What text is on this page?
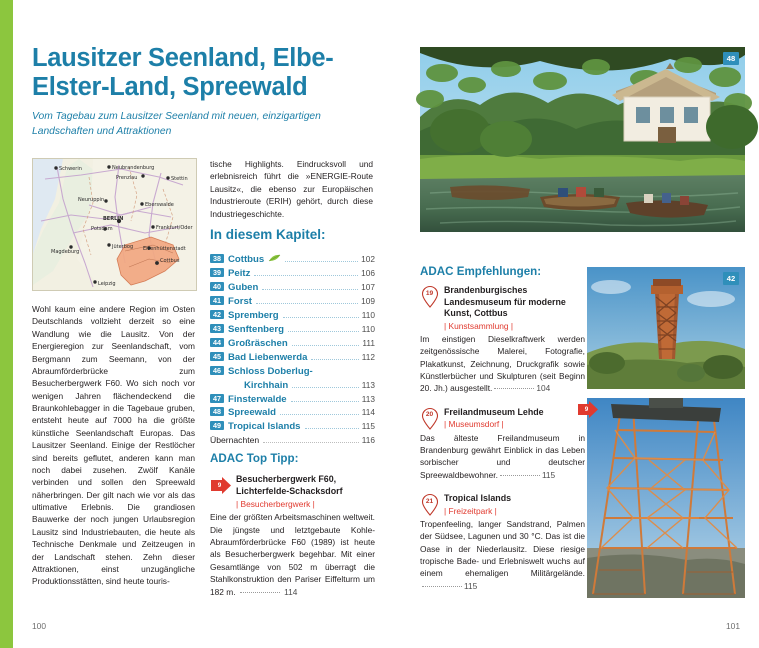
Lausitzer Seenland, Elbe-
Elster-Land, Spreewald
Vom Tagebau zum Lausitzer Seenland mit neuen, einzigartigen Landschaften und Attraktionen
Schwerin	Neubrandenburg
Prenzlau	Stettin
Neuruppin
Eberswalde
BERLIN
Potsdam	Frankfurt/Oder
Magdeburg
Jüterbog Eisenhüttenstadt
Cottbus
Leipzig
Wohl kaum eine andere Region im Osten Deutschlands vollzieht derzeit so eine Wandlung wie die Lausitz. Von der Energieregion zur Seenlandschaft, vom Bergmann zum Seemann, von der Abraumförderbrücke zum Besucherbergwerk F60. Wo sich noch vor wenigen Jahren flächendeckend die Braunkohlebagger in die Tagebaue gruben, entsteht heute auf 7000 ha die größte künstliche Seenlandschaft Europas. Das Lausitzer Seenland. Einige der Restlöcher sind bereits geflutet, anderen kann man noch dabei zusehen. Zwölf Kanäle verbinden und sollen den Spreewald näherbringen. Der gilt nach wie vor als das ultimative Erlebnis. Die grandiosen Bauwerke der noch jungen Urlaubsregion Lausitz sind Industriebauten, die heute als Technische Denkmale und Zeitzeugen in der Landschaft stehen. Zehn dieser Attraktionen, einst unzugängliche Produktionsstätten, sind heute touris-
tische Highlights. Eindrucksvoll und erlebnisreich führt die »ENERGIE-Route Lausitz«, die ebenso zur Europäischen Industrieroute (ERIH) gehört, durch diese Industriegeschichte.
In diesem Kapitel:
38 Cottbus	102
39 Peitz	106
40 Guben	107
41 Forst	109
42 Spremberg	110
43 Senftenberg	110
44 Großräschen	111
45 Bad Liebenwerda	112
46 Schloss Doberlug-
Kirchhain	113
47 Finsterwalde	113
48 Spreewald	114
49 Tropical Islands	115
Übernachten	116
ADAC Top Tipp:
9
Besucherbergwerk F60,
Lichterfelde-Schacksdorf
| Besucherbergwerk |
Eine der größten Arbeitsmaschinen weltweit. Die jüngste und letztgebaute Kohle-Abraumförderbrücke F60 (1989) ist heute als Besucherbergwerk begehbar. Mit einer Gesamtlänge von 502 m überragt die Stahlkonstruktion den Pariser Eiffelturm um 182 m.	114
100
48
ADAC Empfehlungen:
19	Brandenburgisches Landesmuseum für moderne Kunst, Cottbus
| Kunstsammlung |
Im einstigen Dieselkraftwerk werden zeitgenössische Malerei, Fotografie, Plakatkunst, Zeichnung, Druckgrafik sowie Künstlerbücher und Skulpturen (seit Beginn 20. Jh.) ausgestellt.	104
20	Freilandmuseum Lehde
| Museumsdorf |
Das älteste Freilandmuseum in Brandenburg gewährt Einblick in das Leben sorbischer und deutscher Spreewaldbewohner.	115
21	Tropical Islands
| Freizeitpark |
Tropenfeeling, langer Sandstrand, Palmen der Südsee, Lagunen und 30 °C. Das ist die Oase in der Niederlausitz. Diese riesige tropische Bade- und Erlebniswelt wuchs auf einem ehemaligen Militärgelände.115
42
9
101
